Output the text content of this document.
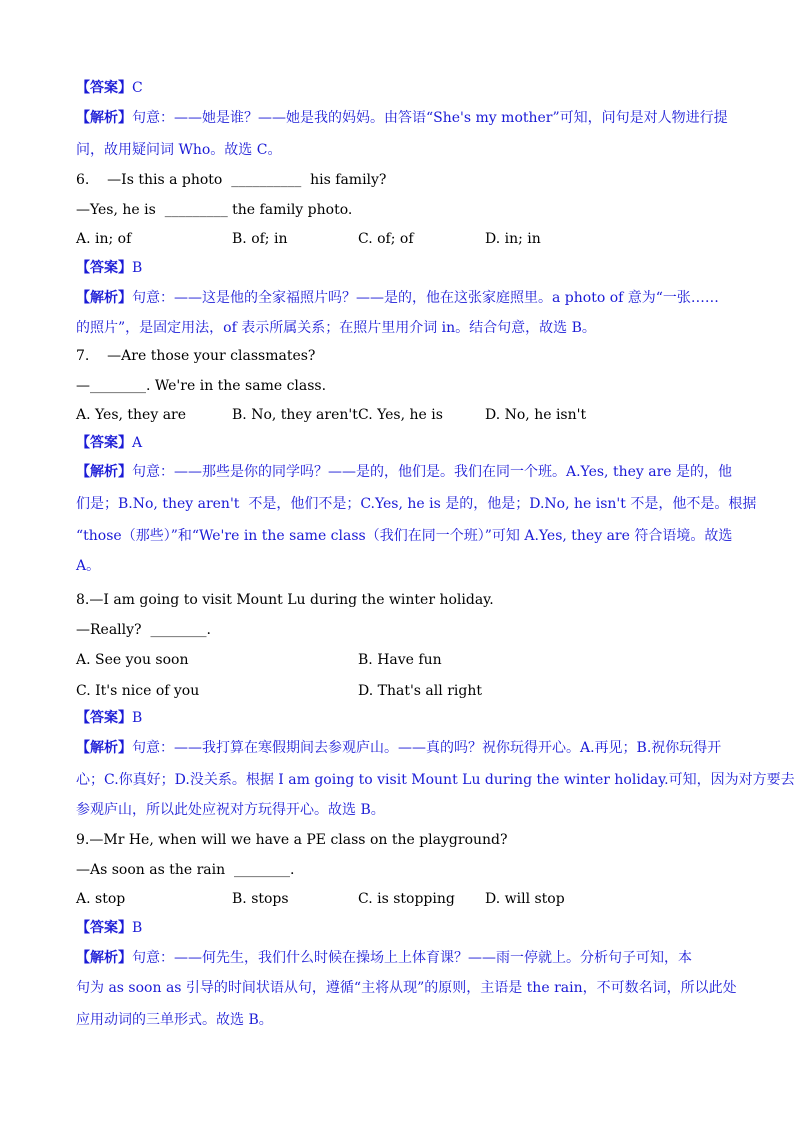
【答案】C
【解析】句意：——她是谁？——她是我的妈妈。由答语“She's my mother”可知，问句是对人物进行提
问，故用疑问词 Who。故选 C。
6.    —Is this a photo  __________  his family?
—Yes, he is  _________ the family photo.
A. in; of	B. of; in	C. of; of	D. in; in
【答案】B
【解析】句意：——这是他的全家福照片吗？——是的，他在这张家庭照里。a photo of 意为“一张……
的照片”，是固定用法，of 表示所属关系；在照片里用介词 in。结合句意，故选 B。
7.    —Are those your classmates?
—________. We're in the same class.
A. Yes, they are	B. No, they aren't C. Yes, he is	D. No, he isn't
【答案】A
【解析】句意：——那些是你的同学吗？——是的，他们是。我们在同一个班。A.Yes, they are 是的，他
们是；B.No, they aren't  不是，他们不是；C.Yes, he is 是的，他是；D.No, he isn't 不是，他不是。根据
“those（那些）”和“We're in the same class（我们在同一个班）”可知 A.Yes, they are 符合语境。故选
A。
8.—I am going to visit Mount Lu during the winter holiday.
—Really?  ________.
A. See you soon	B. Have fun
C. It's nice of you	D. That's all right
【答案】B
【解析】句意：——我打算在寒假期间去参观庐山。——真的吗？祝你玩得开心。A.再见；B.祝你玩得开
心；C.你真好；D.没关系。根据 I am going to visit Mount Lu during the winter holiday.可知，因为对方要去
参观庐山，所以此处应祝对方玩得开心。故选 B。
9.—Mr He, when will we have a PE class on the playground?
—As soon as the rain  ________.
A. stop	B. stops	C. is stopping D. will stop
【答案】B
【解析】句意：——何先生，我们什么时候在操场上上体育课？——雨一停就上。分析句子可知，本
句为 as soon as 引导的时间状语从句，遵循“主将从现”的原则，主语是 the rain，不可数名词，所以此处
应用动词的三单形式。故选 B。
